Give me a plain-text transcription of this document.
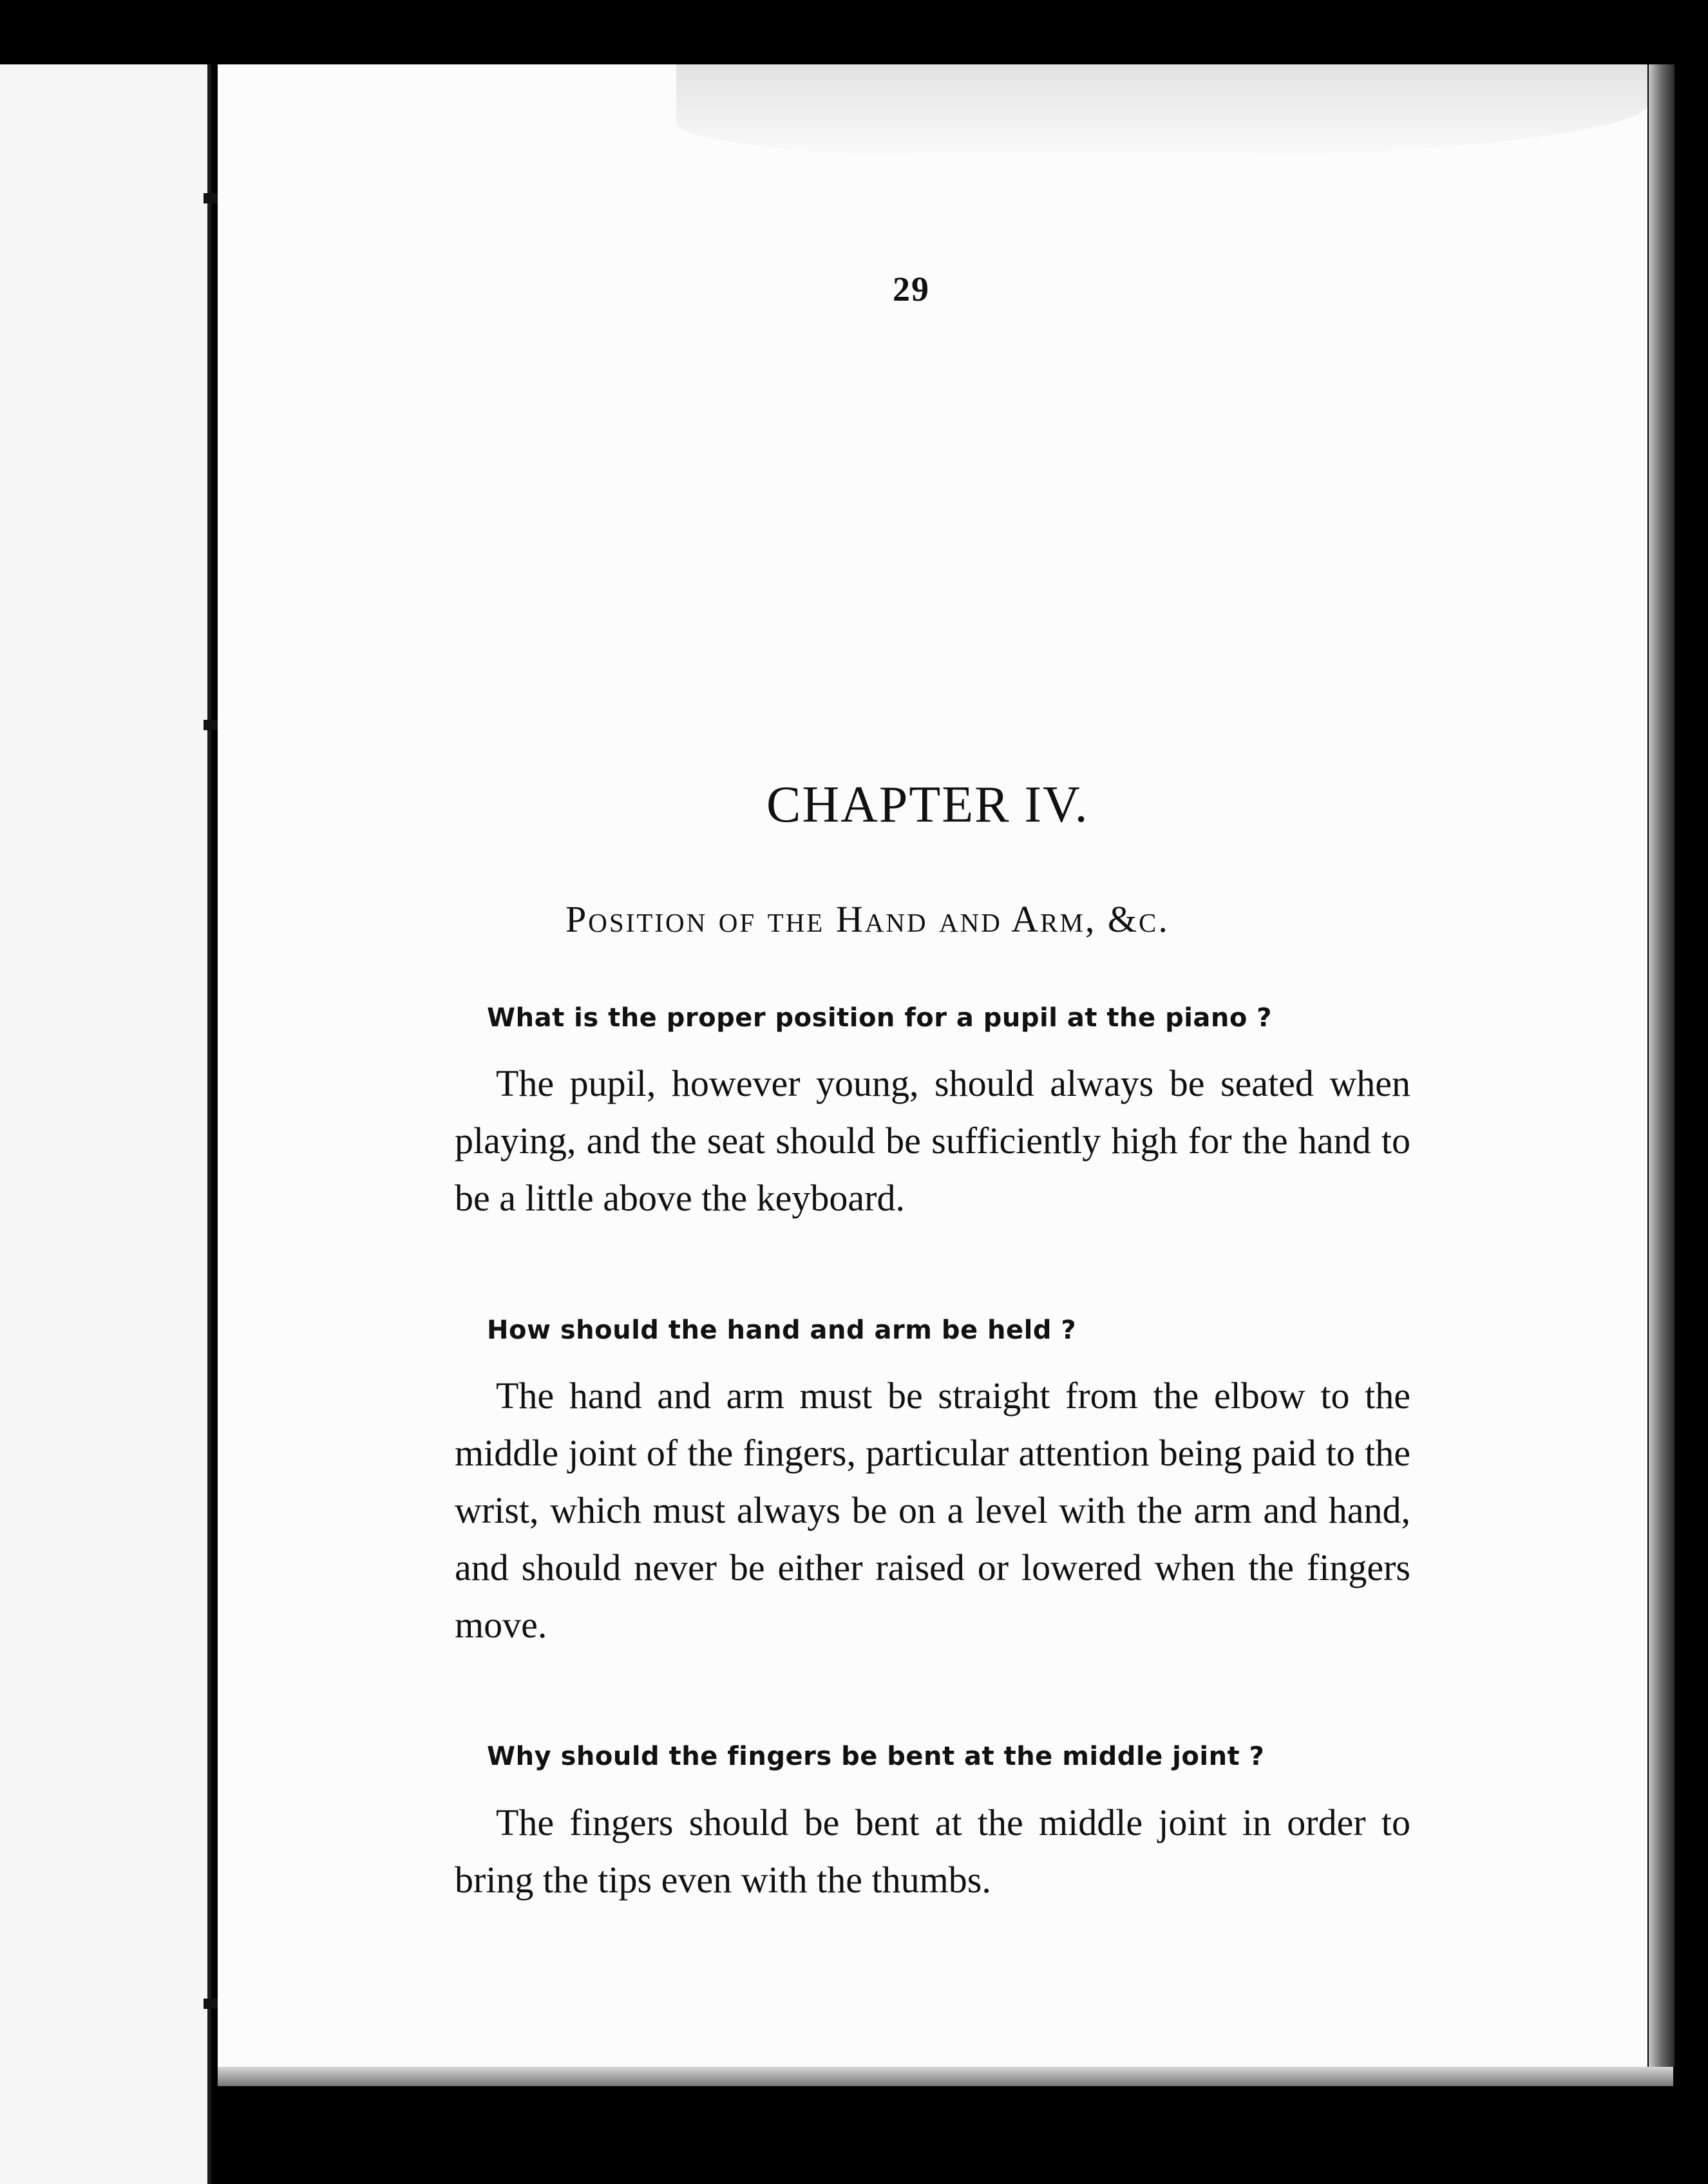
29
CHAPTER IV.
Position of the Hand and Arm, &c.
What is the proper position for a pupil at the piano ?
The pupil, however young, should always be seated when playing, and the seat should be sufficiently high for the hand to be a little above the keyboard.
How should the hand and arm be held ?
The hand and arm must be straight from the elbow to the middle joint of the fingers, particular attention being paid to the wrist, which must always be on a level with the arm and hand, and should never be either raised or lowered when the fingers move.
Why should the fingers be bent at the middle joint ?
The fingers should be bent at the middle joint in order to bring the tips even with the thumbs.
